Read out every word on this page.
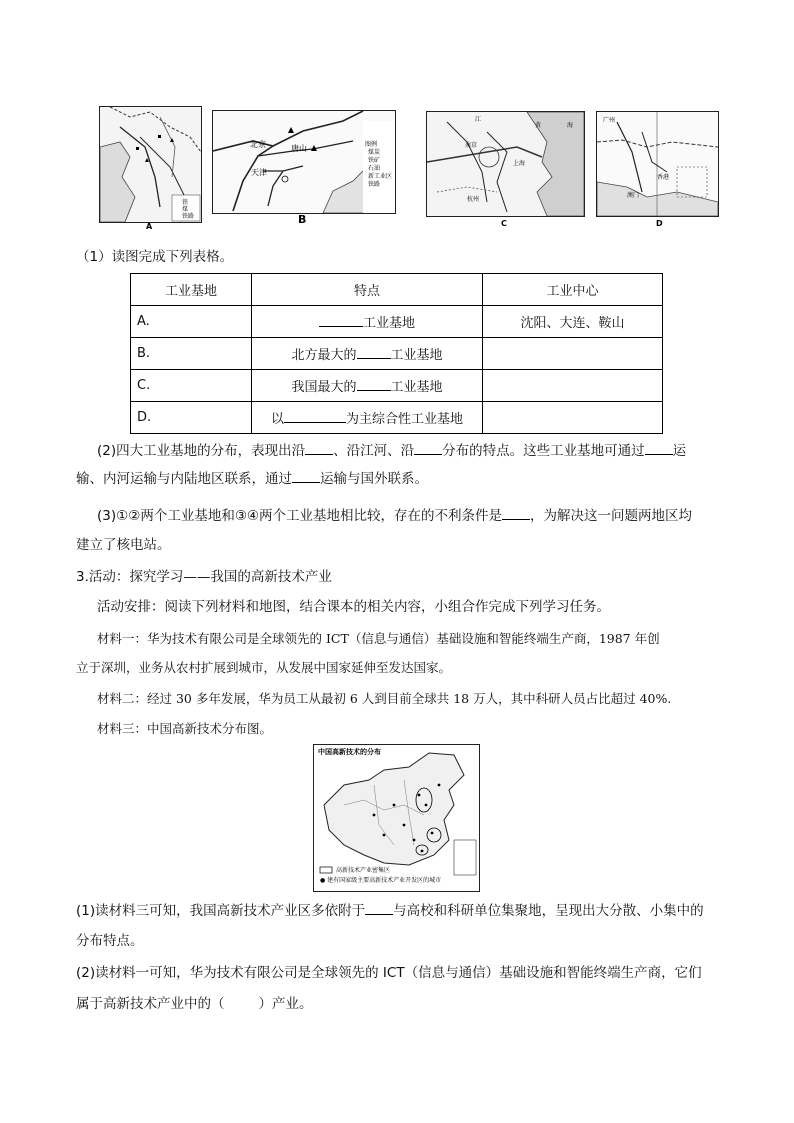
铁
煤
铁路
A
北京	唐山
天津
图例
煤炭
铁矿
石油
新工业区
铁路
B
江
南京
黄	海
上海
杭州
C
广州
香港
澳门
D
（1）读图完成下列表格。
工业基地	特点	工业中心
A.	工业基地	沈阳、大连、鞍山
B.	北方最大的 工业基地	
C.	我国最大的 工业基地	
D.	以 为主综合性工业基地	
(2)四大工业基地的分布，表现出沿 、沿江河、沿 分布的特点。这些工业基地可通过 运
输、内河运输与内陆地区联系，通过 运输与国外联系。
(3)①②两个工业基地和③④两个工业基地相比较，存在的不利条件是 ，为解决这一问题两地区均
建立了核电站。
3.活动：探究学习——我国的高新技术产业
活动安排：阅读下列材料和地图，结合课本的相关内容，小组合作完成下列学习任务。
材料一：华为技术有限公司是全球领先的 ICT（信息与通信）基础设施和智能终端生产商，1987 年创
立于深圳，业务从农村扩展到城市，从发展中国家延伸至发达国家。
材料二：经过 30 多年发展，华为员工从最初 6 人到目前全球共 18 万人，其中科研人员占比超过 40%.
材料三：中国高新技术分布图。
中国高新技术的分布
高新技术产业密集区
● 建有国家级主要高新技术产业开发区的城市
(1)读材料三可知，我国高新技术产业区多依附于 与高校和科研单位集聚地，呈现出大分散、小集中的
分布特点。
(2)读材料一可知，华为技术有限公司是全球领先的 ICT（信息与通信）基础设施和智能终端生产商，它们
属于高新技术产业中的（	）产业。
